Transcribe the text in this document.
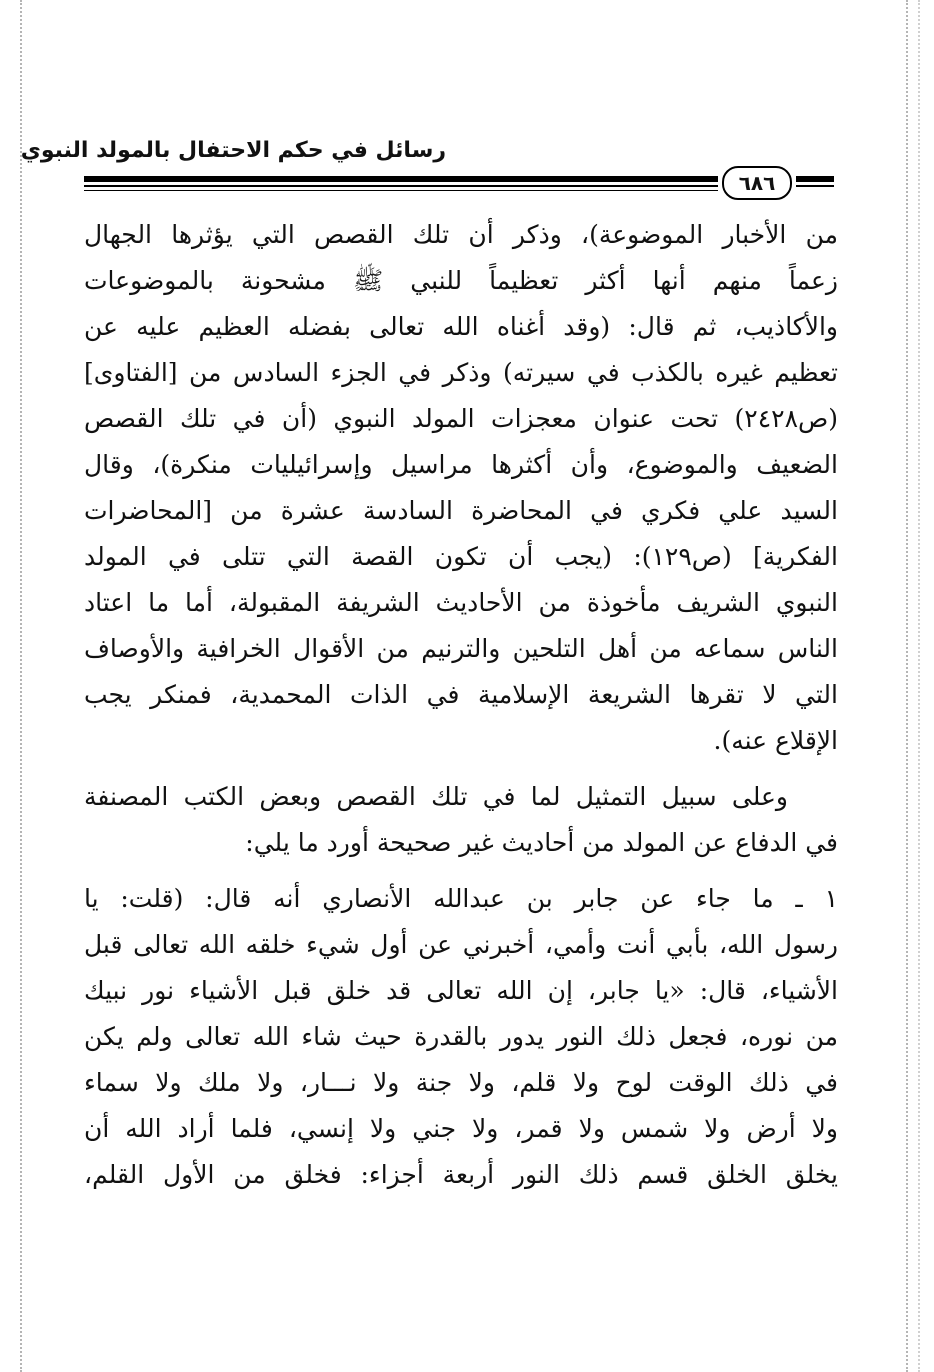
رسائل في حكم الاحتفال بالمولد النبوي
٦٨٦
من الأخبار الموضوعة)، وذكر أن تلك القصص التي يؤثرها الجهال
زعماً منهم أنها أكثر تعظيماً للنبي ﷺ مشحونة بالموضوعات
والأكاذيب، ثم قال: (وقد أغناه الله تعالى بفضله العظيم عليه عن
تعظيم غيره بالكذب في سيرته) وذكر في الجزء السادس من [الفتاوى]
(ص٢٤٢٨) تحت عنوان معجزات المولد النبوي (أن في تلك القصص
الضعيف والموضوع، وأن أكثرها مراسيل وإسرائيليات منكرة)، وقال
السيد علي فكري في المحاضرة السادسة عشرة من [المحاضرات
الفكرية] (ص١٢٩): (يجب أن تكون القصة التي تتلى في المولد
النبوي الشريف مأخوذة من الأحاديث الشريفة المقبولة، أما ما اعتاد
الناس سماعه من أهل التلحين والترنيم من الأقوال الخرافية والأوصاف
التي لا تقرها الشريعة الإسلامية في الذات المحمدية، فمنكر يجب
الإقلاع عنه).
وعلى سبيل التمثيل لما في تلك القصص وبعض الكتب المصنفة
في الدفاع عن المولد من أحاديث غير صحيحة أورد ما يلي:
١ ـ ما جاء عن جابر بن عبدالله الأنصاري أنه قال: (قلت: يا
رسول الله، بأبي أنت وأمي، أخبرني عن أول شيء خلقه الله تعالى قبل
الأشياء، قال: «يا جابر، إن الله تعالى قد خلق قبل الأشياء نور نبيك
من نوره، فجعل ذلك النور يدور بالقدرة حيث شاء الله تعالى ولم يكن
في ذلك الوقت لوح ولا قلم، ولا جنة ولا نـــار، ولا ملك ولا سماء
ولا أرض ولا شمس ولا قمر، ولا جني ولا إنسي، فلما أراد الله أن
يخلق الخلق قسم ذلك النور أربعة أجزاء: فخلق من الأول القلم،
